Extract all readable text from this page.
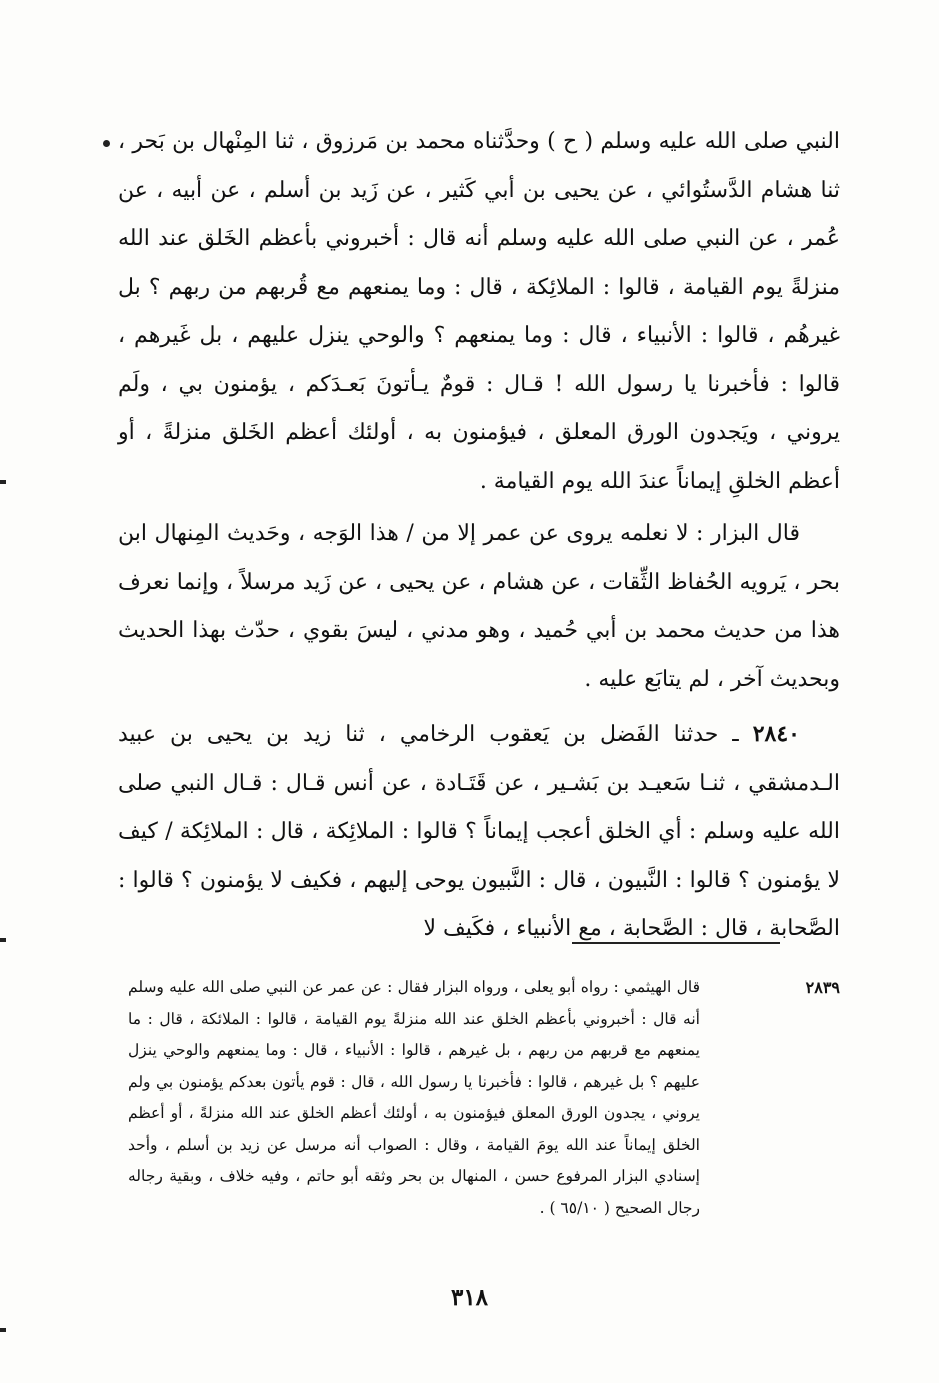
النبي صلى الله عليه وسلم ( ح ) وحدَّثناه محمد بن مَرزوق ، ثنا المِنْهال بن بَحر ، ثنا هشام الدَّستُوائي ، عن يحيى بن أبي كَثير ، عن زَيد بن أسلم ، عن أبيه ، عن عُمر ، عن النبي صلى الله عليه وسلم أنه قال : أخبروني بأعظم الخَلق عند الله منزلةً يوم القيامة ، قالوا : الملائِكة ، قال : وما يمنعهم مع قُربهم من ربهم ؟ بل غيرهُم ، قالوا : الأنبياء ، قال : وما يمنعهم ؟ والوحي ينزل عليهم ، بل غَيرهم ، قالوا : فأخبرنا يا رسول الله ! قـال : قومٌ يـأتونَ بَعـدَكم ، يؤمنون بي ، ولَم يروني ، ويَجدون الورق المعلق ، فيؤمنون به ، أولئك أعظم الخَلق منزلةً ، أو أعظم الخلقِ إيماناً عندَ الله يوم القيامة .

قال البزار : لا نعلمه يروى عن عمر إلا من / هذا الوَجه ، وحَديث المِنهال ابن بحر ، يَرويه الحُفاظ الثِّقات ، عن هشام ، عن يحيى ، عن زَيد مرسلاً ، وإنما نعرف هذا من حديث محمد بن أبي حُميد ، وهو مدني ، ليسَ بقوي ، حدّث بهذا الحديث وبحديث آخر ، لم يتابَع عليه .

٢٨٤٠ ـ حدثنا الفَضل بن يَعقوب الرخامي ، ثنا زيد بن يحيى بن عبيد الـدمشقي ، ثنـا سَعيـد بن بَشـير ، عن قَتَـادة ، عن أنس قـال : قـال النبي صلى الله عليه وسلم : أي الخلق أعجب إيماناً ؟ قالوا : الملائِكة ، قال : الملائِكة / كيف لا يؤمنون ؟ قالوا : النَّبيون ، قال : النَّبيون يوحى إليهم ، فكيف لا يؤمنون ؟ قالوا : الصَّحابة ، قال : الصَّحابة ، مع الأنبياء ، فكَيف لا

٢٨٣٩
قال الهيثمي : رواه أبو يعلى ، ورواه البزار فقال : عن عمر عن النبي صلى الله عليه وسلم أنه قال : أخبروني بأعظم الخلق عند الله منزلةً يوم القيامة ، قالوا : الملائكة ، قال : ما يمنعهم مع قربهم من ربهم ، بل غيرهم ، قالوا : الأنبياء ، قال : وما يمنعهم والوحي ينزل عليهم ؟ بل غيرهم ، قالوا : فأخبرنا يا رسول الله ، قال : قوم يأتون بعدكم يؤمنون بي ولم يروني ، يجدون الورق المعلق فيؤمنون به ، أولئك أعظم الخلق عند الله منزلةً ، أو أعظم الخلق إيماناً عند الله يومَ القيامة ، وقال : الصواب أنه مرسل عن زيد بن أسلم ، وأحد إسنادي البزار المرفوع حسن ، المنهال بن بحر وثقه أبو حاتم ، وفيه خلاف ، وبقية رجاله رجال الصحيح ( ٦٥/١٠ ) .
٣١٨
